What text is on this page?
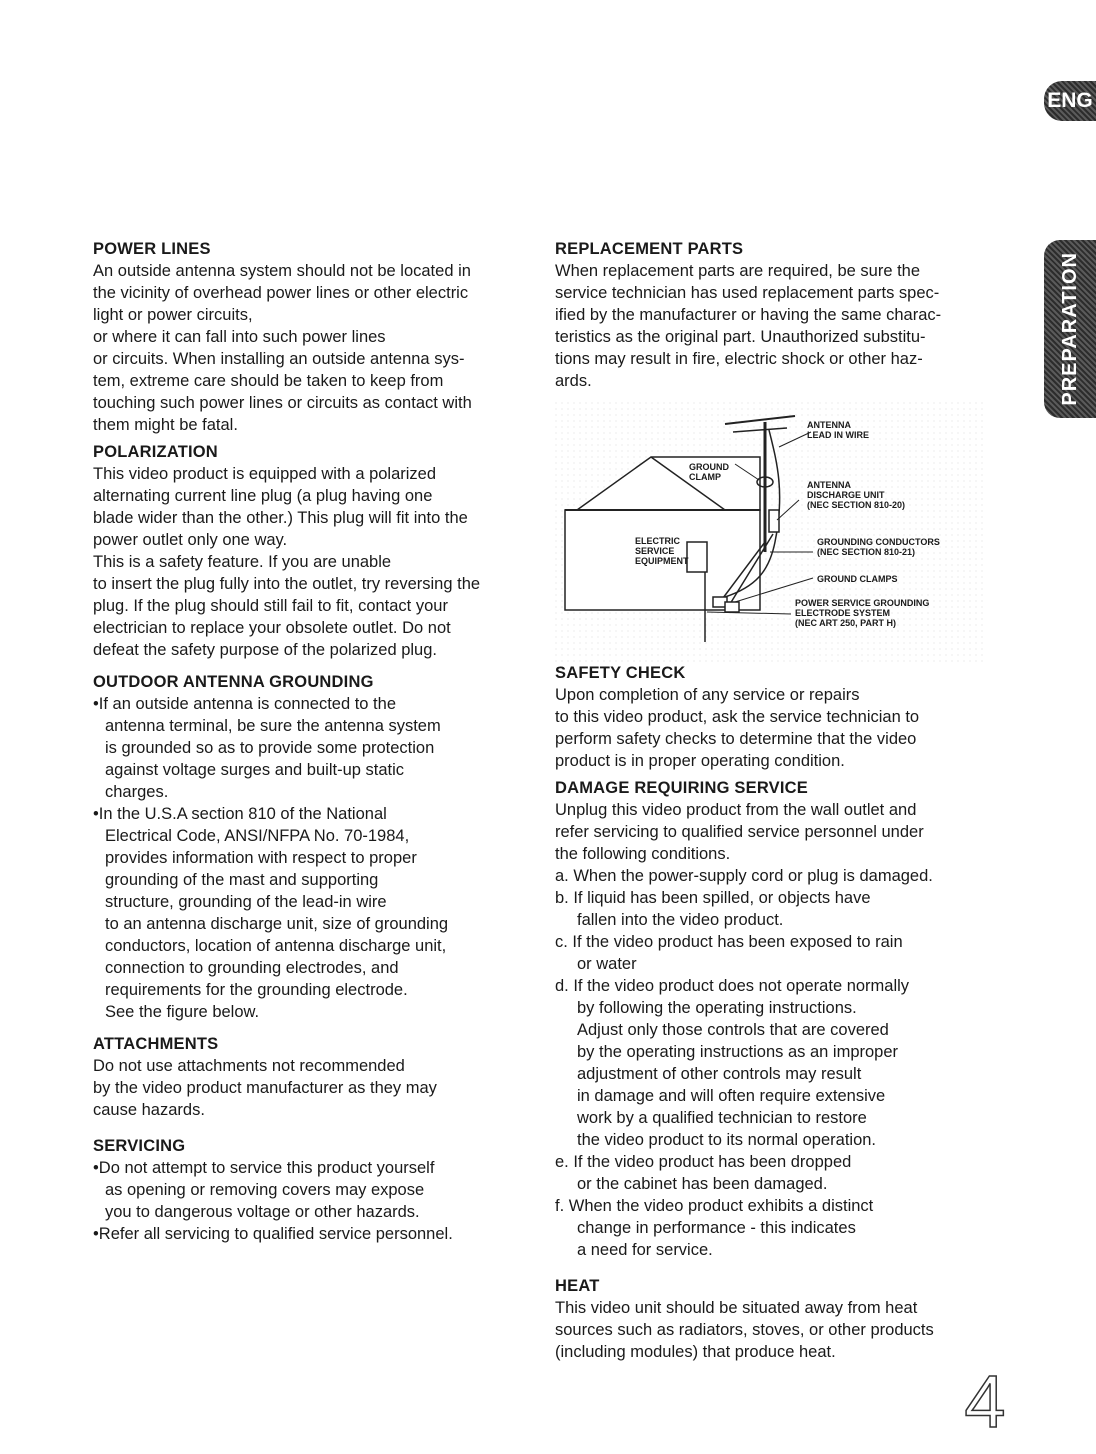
ENG
PREPARATION
POWER LINES
An outside antenna system should not be located in
the vicinity of overhead power lines or other electric
light or power circuits,
or where it can fall into such power lines
or circuits. When installing an outside antenna sys-
tem, extreme care should be taken to keep from
touching such power lines or circuits as contact with
them might be fatal.
POLARIZATION
This video product is equipped with a polarized
alternating current line plug (a plug having one
blade wider than the other.) This plug will fit into the
power outlet only one way.
This is a safety feature. If you are unable
to insert the plug fully into the outlet, try reversing the
plug. If the plug should still fail to fit, contact your
electrician to replace your obsolete outlet. Do not
defeat the safety purpose of the polarized plug.
OUTDOOR ANTENNA GROUNDING
•If an outside antenna is connected to the
antenna terminal, be sure the antenna system
is grounded so as to provide some protection
against voltage surges and built-up static
charges.
•In the U.S.A section 810 of the National
Electrical Code, ANSI/NFPA No. 70-1984,
provides information with respect to proper
grounding of the mast and supporting
structure, grounding of the lead-in wire
to an antenna discharge unit, size of grounding
conductors, location of antenna discharge unit,
connection to grounding electrodes, and
requirements for the grounding electrode.
See the figure below.
ATTACHMENTS
Do not use attachments not recommended
by the video product manufacturer as they may
cause hazards.
SERVICING
•Do not attempt to service this product yourself
as opening or removing covers may expose
you to dangerous voltage or other hazards.
•Refer all servicing to qualified service personnel.
REPLACEMENT PARTS
When replacement parts are required, be sure the
service technician has used replacement parts spec-
ified by the manufacturer or having the same charac-
teristics as the original part. Unauthorized substitu-
tions may result in fire, electric shock or other haz-
ards.
ANTENNA
LEAD IN WIRE
GROUND
CLAMP
ANTENNA
DISCHARGE UNIT
(NEC SECTION 810-20)
ELECTRIC
SERVICE
EQUIPMENT
GROUNDING CONDUCTORS
(NEC SECTION 810-21)
GROUND CLAMPS
POWER SERVICE GROUNDING
ELECTRODE SYSTEM
(NEC ART 250, PART H)
SAFETY CHECK
Upon completion of any service or repairs
to this video product, ask the service technician to
perform safety checks to determine that the video
product is in proper operating condition.
DAMAGE REQUIRING SERVICE
Unplug this video product from the wall outlet and
refer servicing to qualified service personnel under
the following conditions.
a. When the power-supply cord or plug is damaged.
b. If liquid has been spilled, or objects have
fallen into the video product.
c. If the video product has been exposed to rain
or water
d. If the video product does not operate normally
by following the operating instructions.
Adjust only those controls that are covered
by the operating instructions as an improper
adjustment of other controls may result
in damage and will often require extensive
work by a qualified technician to restore
the video product to its normal operation.
e. If the video product has been dropped
or the cabinet has been damaged.
f. When the video product exhibits a distinct
change in performance - this indicates
a need for service.
HEAT
This video unit should be situated away from heat
sources such as radiators, stoves, or other products
(including modules) that produce heat.
4
